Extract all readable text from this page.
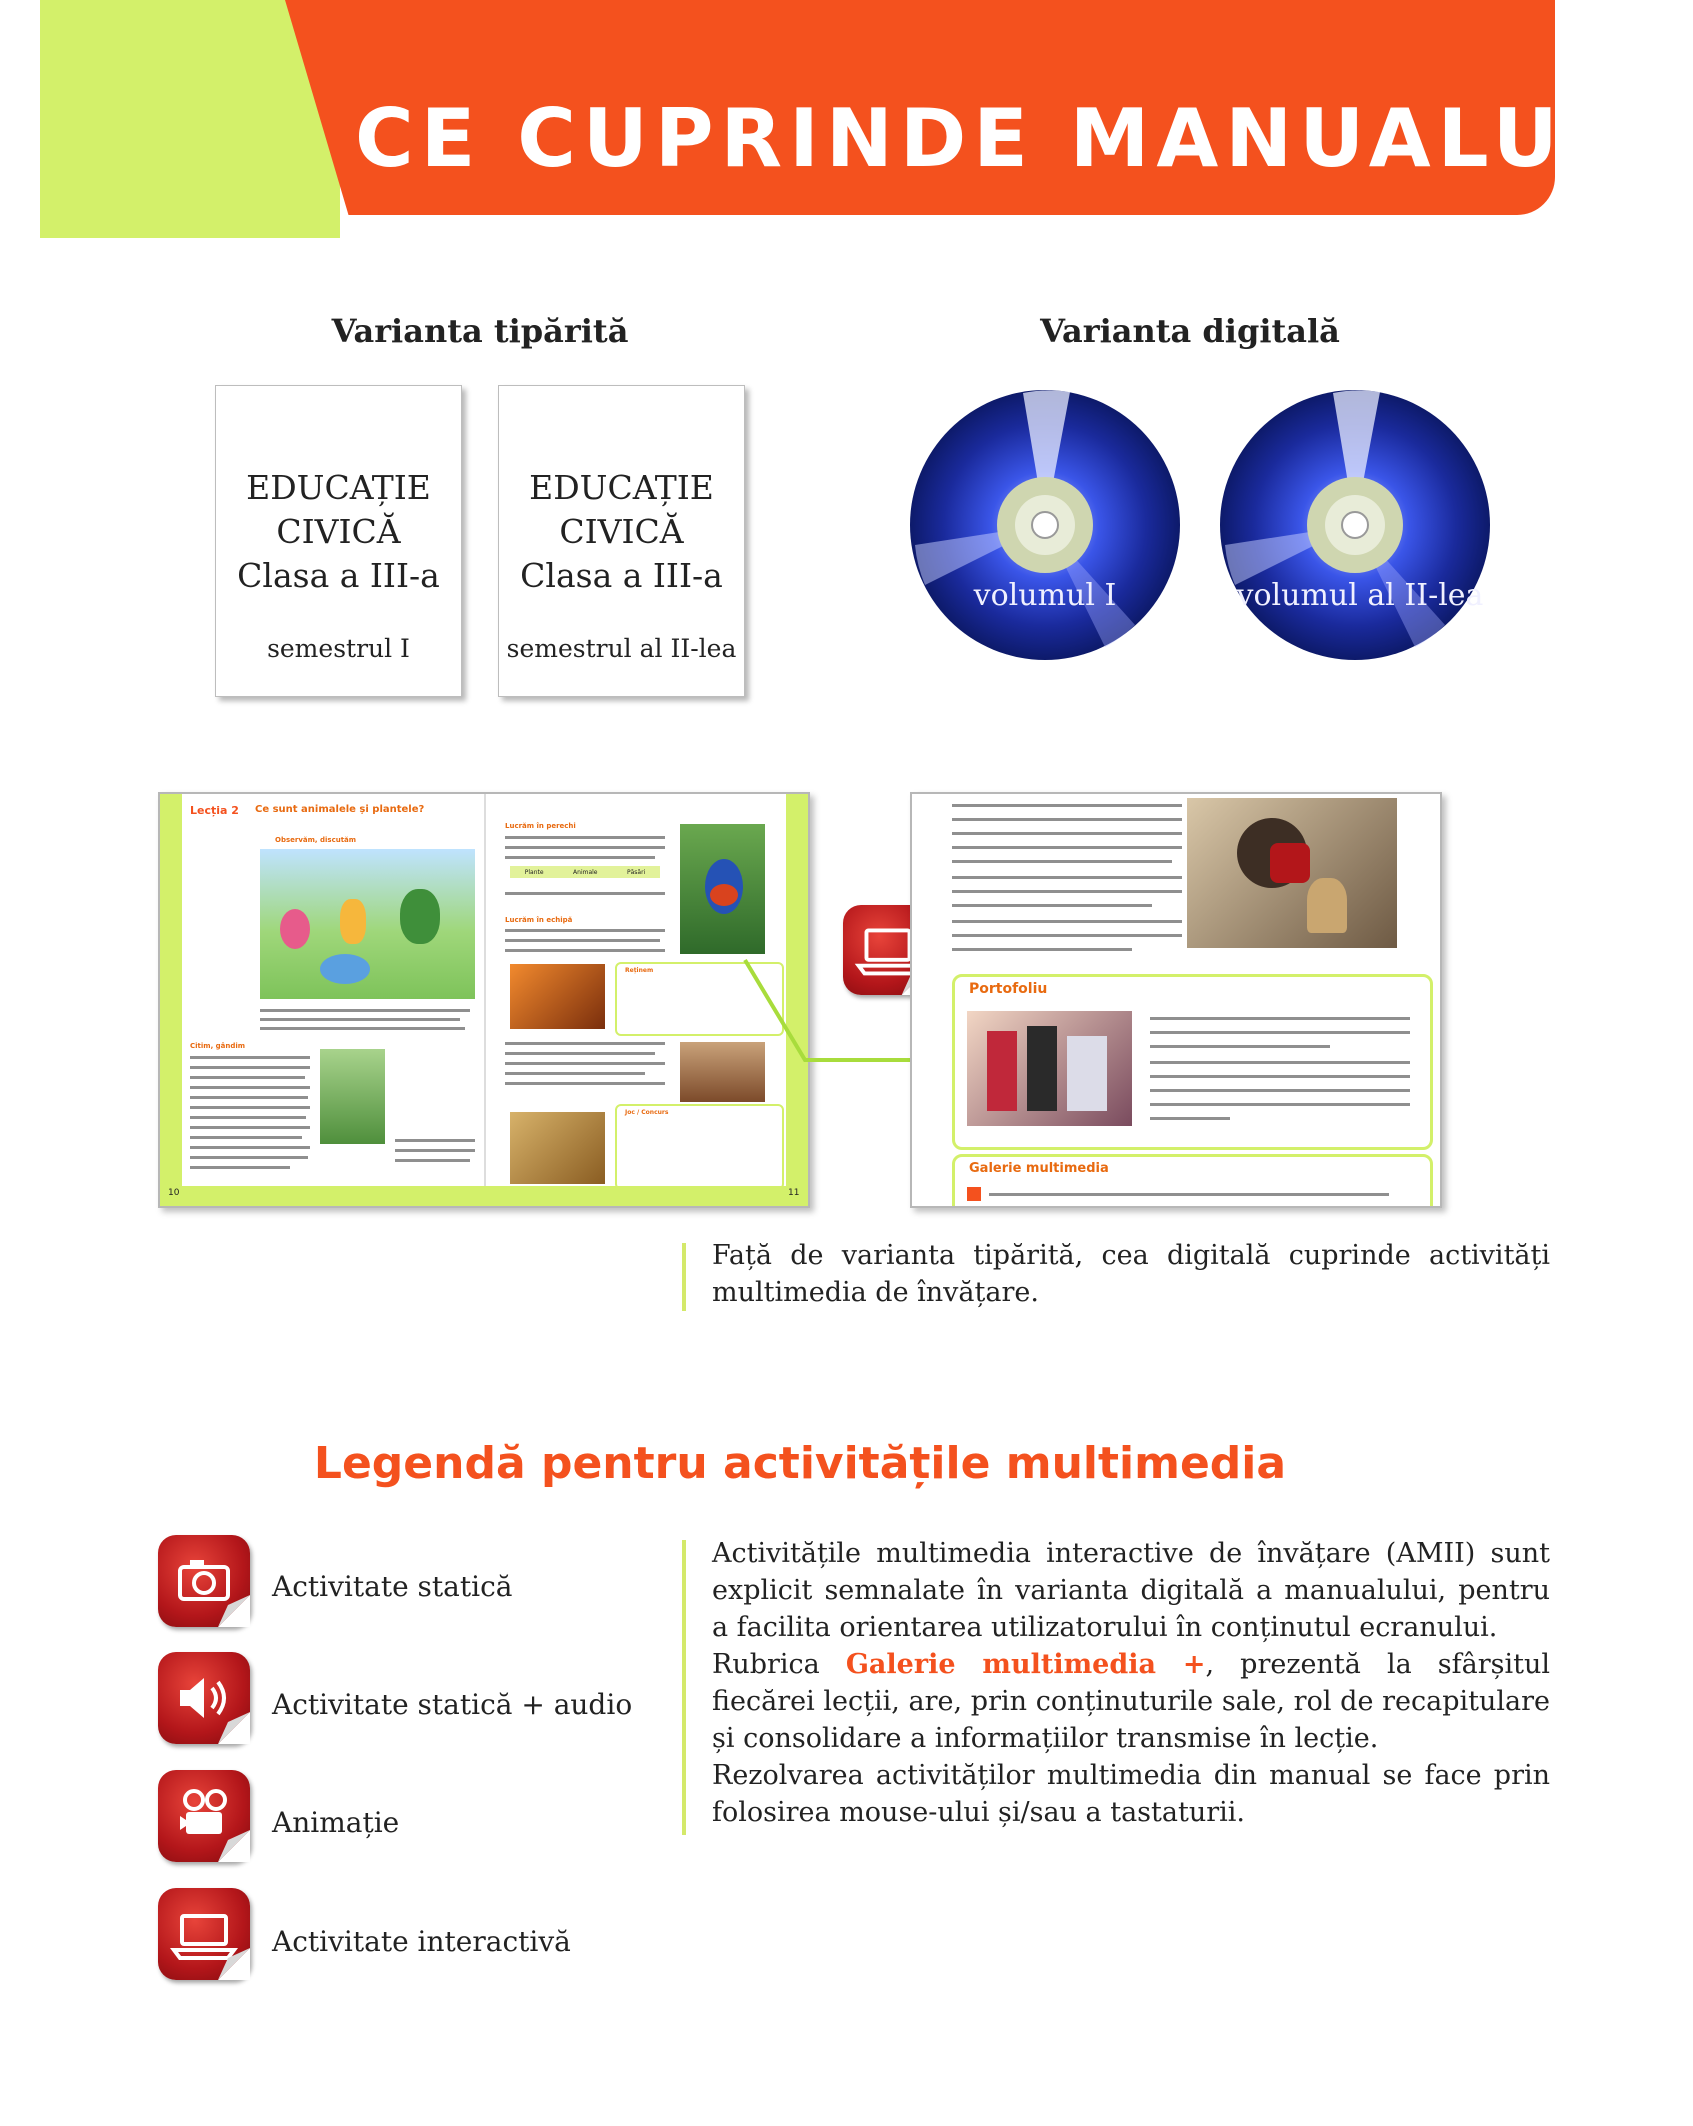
CE CUPRINDE MANUALUL?
Varianta tipărită	Varianta digitală
EDUCAȚIE
CIVICĂ
Clasa a III-a
semestrul I
EDUCAȚIE
CIVICĂ
Clasa a III-a
semestrul al II-lea
volumul I	volumul al II-lea
Lecția 2 Ce sunt animalele și plantele?
Observăm, discutăm
Lucrăm în perechi
Plante	Animale	Păsări
Lucrăm în echipă
Reținem
Joc / Concurs
Citim, gândim
10	11
Portofoliu
Galerie multimedia
Față de varianta tipărită, cea digitală cuprinde activități multimedia de învățare.
Legendă pentru activitățile multimedia
Activitate statică
Activitate statică + audio
Animație
Activitate interactivă
Activitățile multimedia interactive de învățare (AMII) sunt explicit semnalate în varianta digitală a manualului, pentru a facilita orientarea utilizatorului în conținutul ecranului.
Rubrica Galerie multimedia +, prezentă la sfârșitul fiecărei lecții, are, prin conținuturile sale, rol de recapitulare și consolidare a informațiilor transmise în lecție.
Rezolvarea activităților multimedia din manual se face prin folosirea mouse-ului și/sau a tastaturii.
